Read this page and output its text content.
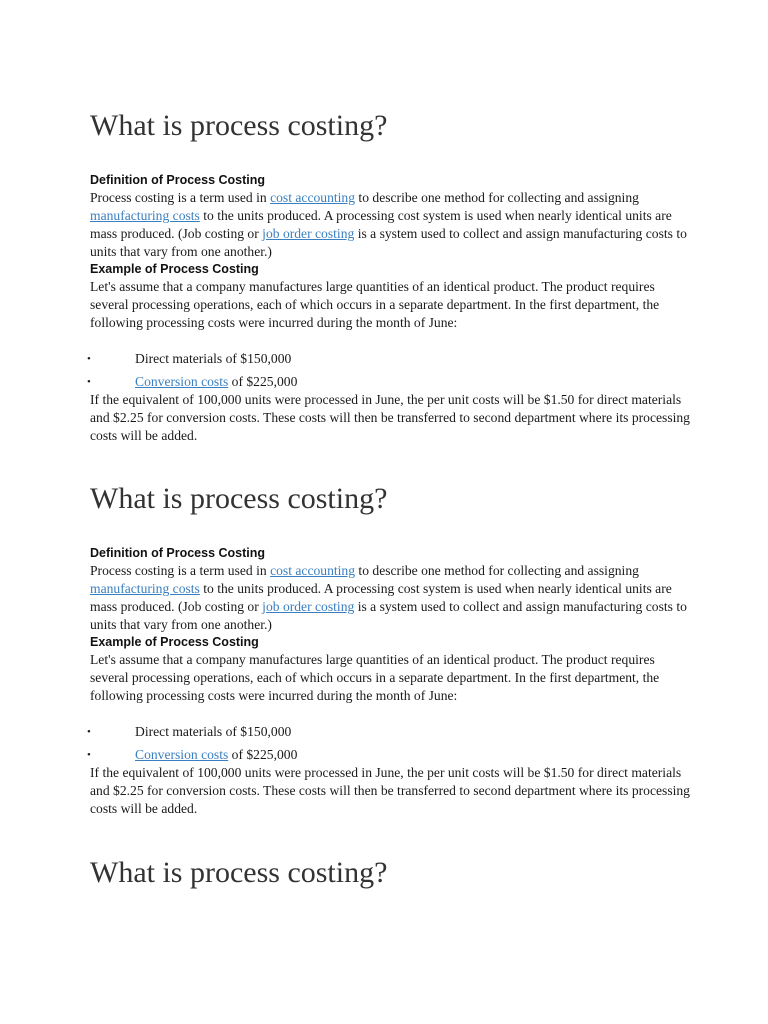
What is process costing?

Definition of Process Costing

Process costing is a term used in cost accounting to describe one method for collecting and assigning manufacturing costs to the units produced. A processing cost system is used when nearly identical units are mass produced. (Job costing or job order costing is a system used to collect and assign manufacturing costs to units that vary from one another.)

Example of Process Costing

Let's assume that a company manufactures large quantities of an identical product. The product requires several processing operations, each of which occurs in a separate department. In the first department, the following processing costs were incurred during the month of June:

•	Direct materials of $150,000
•	Conversion costs of $225,000

If the equivalent of 100,000 units were processed in June, the per unit costs will be $1.50 for direct materials and $2.25 for conversion costs. These costs will then be transferred to second department where its processing costs will be added.

What is process costing?

Definition of Process Costing

Process costing is a term used in cost accounting to describe one method for collecting and assigning manufacturing costs to the units produced. A processing cost system is used when nearly identical units are mass produced. (Job costing or job order costing is a system used to collect and assign manufacturing costs to units that vary from one another.)

Example of Process Costing

Let's assume that a company manufactures large quantities of an identical product. The product requires several processing operations, each of which occurs in a separate department. In the first department, the following processing costs were incurred during the month of June:

•	Direct materials of $150,000
•	Conversion costs of $225,000

If the equivalent of 100,000 units were processed in June, the per unit costs will be $1.50 for direct materials and $2.25 for conversion costs. These costs will then be transferred to second department where its processing costs will be added.

What is process costing?
